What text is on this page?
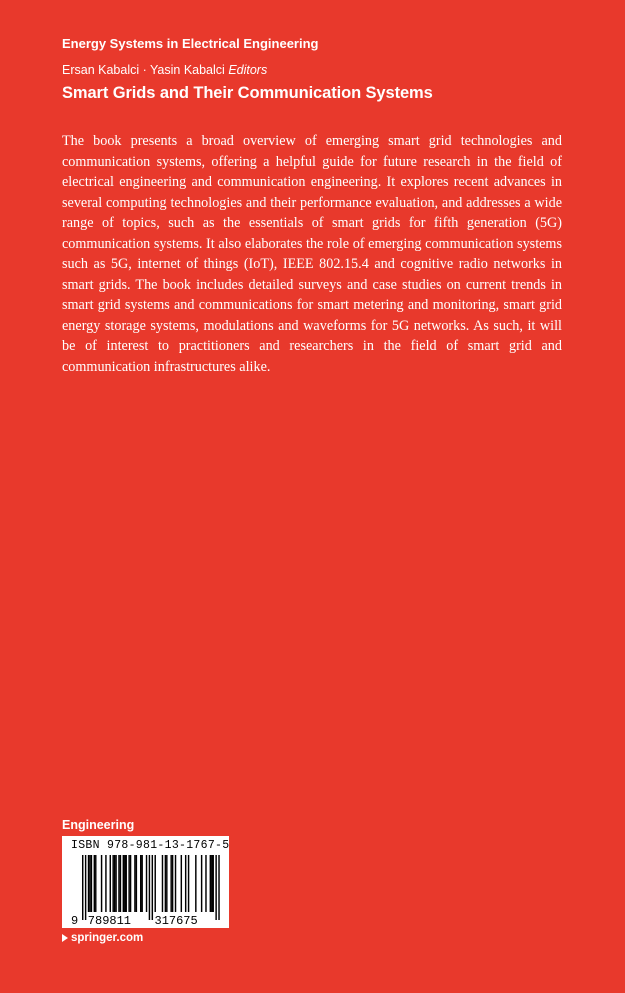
Energy Systems in Electrical Engineering
Ersan Kabalci · Yasin Kabalci Editors
Smart Grids and Their Communication Systems

The book presents a broad overview of emerging smart grid technologies and communication systems, offering a helpful guide for future research in the field of electrical engineering and communication engineering. It explores recent advances in several computing technologies and their performance evaluation, and addresses a wide range of topics, such as the essentials of smart grids for fifth generation (5G) communication systems. It also elaborates the role of emerging communication systems such as 5G, internet of things (IoT), IEEE 802.15.4 and cognitive radio networks in smart grids. The book includes detailed surveys and case studies on current trends in smart grid systems and communications for smart metering and monitoring, smart grid energy storage systems, modulations and waveforms for 5G networks. As such, it will be of interest to practitioners and researchers in the field of smart grid and communication infrastructures alike.

Engineering
ISBN 978-981-13-1767-5
9 789811 317675
springer.com
